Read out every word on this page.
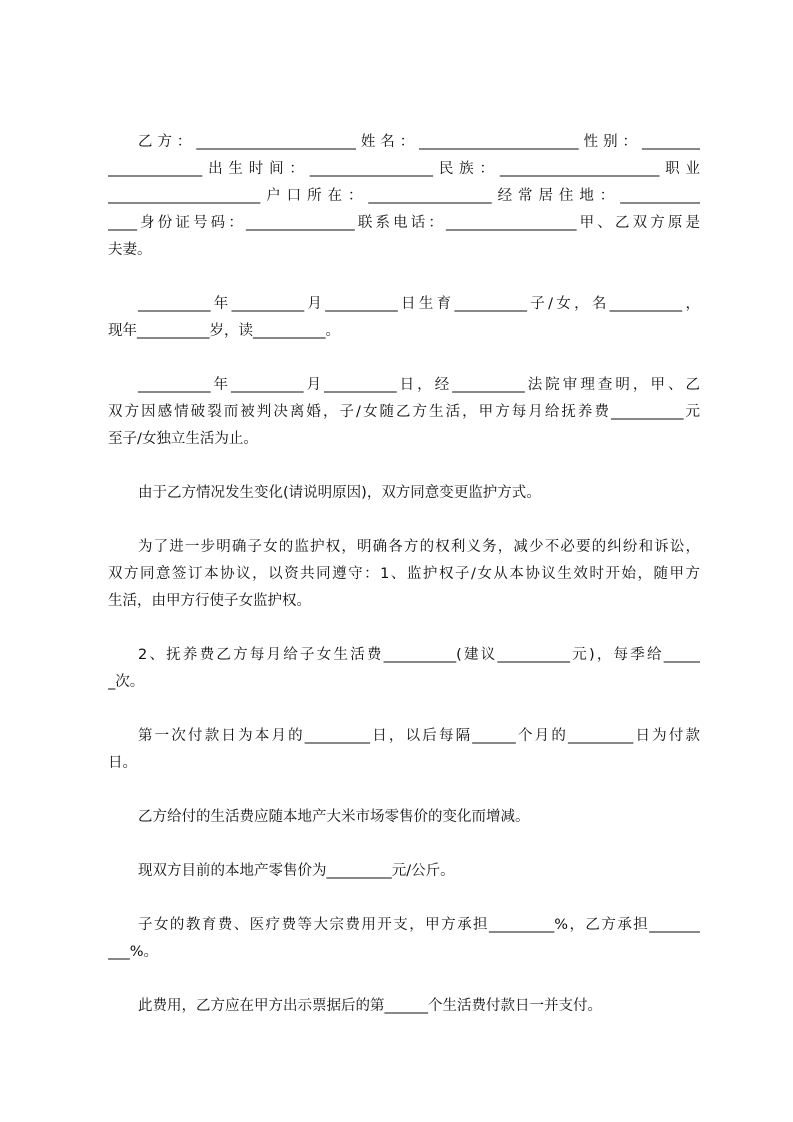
乙方：______________________姓名：______________________性别：________
_____________出生时间：_________________民族：______________________职业
_____________________户口所在：_________________经常居住地：___________
____身份证号码：_______________联系电话：__________________甲、乙双方原是
夫妻。
__________年__________月__________日生育__________子/女，名__________，
现年__________岁，读__________。
__________年__________月__________日，经__________法院审理查明，甲、乙
双方因感情破裂而被判决离婚，子/女随乙方生活，甲方每月给抚养费__________元
至子/女独立生活为止。
由于乙方情况发生变化(请说明原因)，双方同意变更监护方式。
为了进一步明确子女的监护权，明确各方的权利义务，减少不必要的纠纷和诉讼，
双方同意签订本协议，以资共同遵守：1、监护权子/女从本协议生效时开始，随甲方
生活，由甲方行使子女监护权。
2、抚养费乙方每月给子女生活费__________(建议__________元)，每季给_____
_次。
第一次付款日为本月的_________日，以后每隔______个月的_________日为付款
日。
乙方给付的生活费应随本地产大米市场零售价的变化而增减。
现双方目前的本地产零售价为_________元/公斤。
子女的教育费、医疗费等大宗费用开支，甲方承担_________%，乙方承担_______
___%。
此费用，乙方应在甲方出示票据后的第______个生活费付款日一并支付。
